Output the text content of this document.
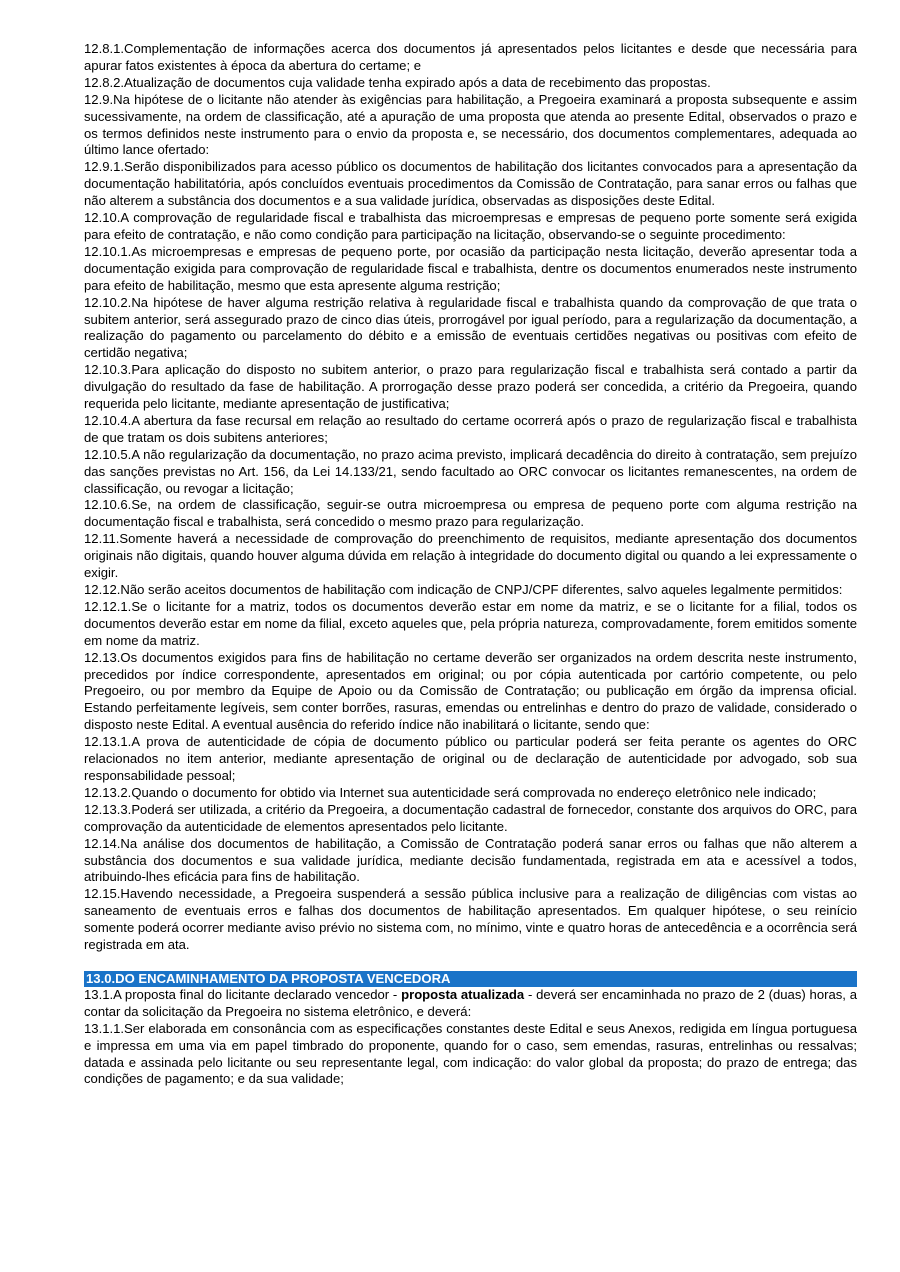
12.8.1.Complementação de informações acerca dos documentos já apresentados pelos licitantes e desde que necessária para apurar fatos existentes à época da abertura do certame; e

12.8.2.Atualização de documentos cuja validade tenha expirado após a data de recebimento das propostas.

12.9.Na hipótese de o licitante não atender às exigências para habilitação, a Pregoeira examinará a proposta subsequente e assim sucessivamente, na ordem de classificação, até a apuração de uma proposta que atenda ao presente Edital, observados o prazo e os termos definidos neste instrumento para o envio da proposta e, se necessário, dos documentos complementares, adequada ao último lance ofertado:

12.9.1.Serão disponibilizados para acesso público os documentos de habilitação dos licitantes convocados para a apresentação da documentação habilitatória, após concluídos eventuais procedimentos da Comissão de Contratação, para sanar erros ou falhas que não alterem a substância dos documentos e a sua validade jurídica, observadas as disposições deste Edital.

12.10.A comprovação de regularidade fiscal e trabalhista das microempresas e empresas de pequeno porte somente será exigida para efeito de contratação, e não como condição para participação na licitação, observando-se o seguinte procedimento:

12.10.1.As microempresas e empresas de pequeno porte, por ocasião da participação nesta licitação, deverão apresentar toda a documentação exigida para comprovação de regularidade fiscal e trabalhista, dentre os documentos enumerados neste instrumento para efeito de habilitação, mesmo que esta apresente alguma restrição;

12.10.2.Na hipótese de haver alguma restrição relativa à regularidade fiscal e trabalhista quando da comprovação de que trata o subitem anterior, será assegurado prazo de cinco dias úteis, prorrogável por igual período, para a regularização da documentação, a realização do pagamento ou parcelamento do débito e a emissão de eventuais certidões negativas ou positivas com efeito de certidão negativa;

12.10.3.Para aplicação do disposto no subitem anterior, o prazo para regularização fiscal e trabalhista será contado a partir da divulgação do resultado da fase de habilitação. A prorrogação desse prazo poderá ser concedida, a critério da Pregoeira, quando requerida pelo licitante, mediante apresentação de justificativa;

12.10.4.A abertura da fase recursal em relação ao resultado do certame ocorrerá após o prazo de regularização fiscal e trabalhista de que tratam os dois subitens anteriores;

12.10.5.A não regularização da documentação, no prazo acima previsto, implicará decadência do direito à contratação, sem prejuízo das sanções previstas no Art. 156, da Lei 14.133/21, sendo facultado ao ORC convocar os licitantes remanescentes, na ordem de classificação, ou revogar a licitação;

12.10.6.Se, na ordem de classificação, seguir-se outra microempresa ou empresa de pequeno porte com alguma restrição na documentação fiscal e trabalhista, será concedido o mesmo prazo para regularização.

12.11.Somente haverá a necessidade de comprovação do preenchimento de requisitos, mediante apresentação dos documentos originais não digitais, quando houver alguma dúvida em relação à integridade do documento digital ou quando a lei expressamente o exigir.

12.12.Não serão aceitos documentos de habilitação com indicação de CNPJ/CPF diferentes, salvo aqueles legalmente permitidos:

12.12.1.Se o licitante for a matriz, todos os documentos deverão estar em nome da matriz, e se o licitante for a filial, todos os documentos deverão estar em nome da filial, exceto aqueles que, pela própria natureza, comprovadamente, forem emitidos somente em nome da matriz.

12.13.Os documentos exigidos para fins de habilitação no certame deverão ser organizados na ordem descrita neste instrumento, precedidos por índice correspondente, apresentados em original; ou por cópia autenticada por cartório competente, ou pelo Pregoeiro, ou por membro da Equipe de Apoio ou da Comissão de Contratação; ou publicação em órgão da imprensa oficial. Estando perfeitamente legíveis, sem conter borrões, rasuras, emendas ou entrelinhas e dentro do prazo de validade, considerado o disposto neste Edital. A eventual ausência do referido índice não inabilitará o licitante, sendo que:

12.13.1.A prova de autenticidade de cópia de documento público ou particular poderá ser feita perante os agentes do ORC relacionados no item anterior, mediante apresentação de original ou de declaração de autenticidade por advogado, sob sua responsabilidade pessoal;

12.13.2.Quando o documento for obtido via Internet sua autenticidade será comprovada no endereço eletrônico nele indicado;

12.13.3.Poderá ser utilizada, a critério da Pregoeira, a documentação cadastral de fornecedor, constante dos arquivos do ORC, para comprovação da autenticidade de elementos apresentados pelo licitante.

12.14.Na análise dos documentos de habilitação, a Comissão de Contratação poderá sanar erros ou falhas que não alterem a substância dos documentos e sua validade jurídica, mediante decisão fundamentada, registrada em ata e acessível a todos, atribuindo-lhes eficácia para fins de habilitação.

12.15.Havendo necessidade, a Pregoeira suspenderá a sessão pública inclusive para a realização de diligências com vistas ao saneamento de eventuais erros e falhas dos documentos de habilitação apresentados. Em qualquer hipótese, o seu reinício somente poderá ocorrer mediante aviso prévio no sistema com, no mínimo, vinte e quatro horas de antecedência e a ocorrência será registrada em ata.

13.0.DO ENCAMINHAMENTO DA PROPOSTA VENCEDORA

13.1.A proposta final do licitante declarado vencedor - proposta atualizada - deverá ser encaminhada no prazo de 2 (duas) horas, a contar da solicitação da Pregoeira no sistema eletrônico, e deverá:

13.1.1.Ser elaborada em consonância com as especificações constantes deste Edital e seus Anexos, redigida em língua portuguesa e impressa em uma via em papel timbrado do proponente, quando for o caso, sem emendas, rasuras, entrelinhas ou ressalvas; datada e assinada pelo licitante ou seu representante legal, com indicação: do valor global da proposta; do prazo de entrega; das condições de pagamento; e da sua validade;
